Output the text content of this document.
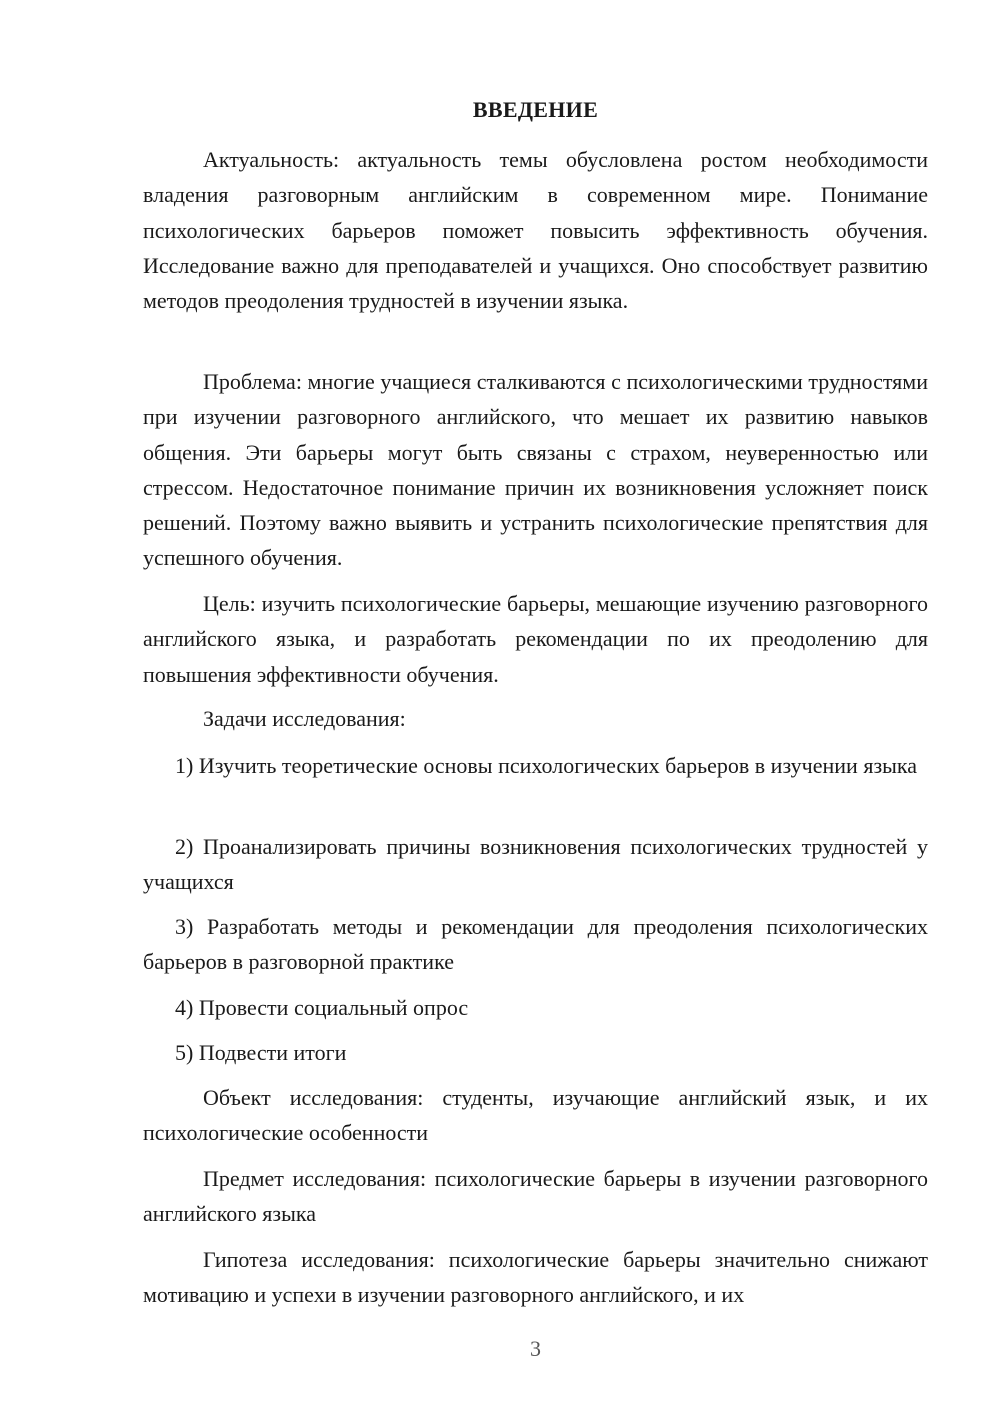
ВВЕДЕНИЕ

Актуальность: актуальность темы обусловлена ростом необходимости владения разговорным английским в современном мире. Понимание психологических барьеров поможет повысить эффективность обучения. Исследование важно для преподавателей и учащихся. Оно способствует развитию методов преодоления трудностей в изучении языка.

Проблема: многие учащиеся сталкиваются с психологическими трудностями при изучении разговорного английского, что мешает их развитию навыков общения. Эти барьеры могут быть связаны с страхом, неуверенностью или стрессом. Недостаточное понимание причин их возникновения усложняет поиск решений. Поэтому важно выявить и устранить психологические препятствия для успешного обучения.

Цель: изучить психологические барьеры, мешающие изучению разговорного английского языка, и разработать рекомендации по их преодолению для повышения эффективности обучения.

Задачи исследования:

1) Изучить теоретические основы психологических барьеров в изучении языка

2) Проанализировать причины возникновения психологических трудностей у учащихся

3) Разработать методы и рекомендации для преодоления психологических барьеров в разговорной практике

4) Провести социальный опрос

5) Подвести итоги

Объект исследования: студенты, изучающие английский язык, и их психологические особенности

Предмет исследования: психологические барьеры в изучении разговорного английского языка

Гипотеза исследования: психологические барьеры значительно снижают мотивацию и успехи в изучении разговорного английского, и их

3
